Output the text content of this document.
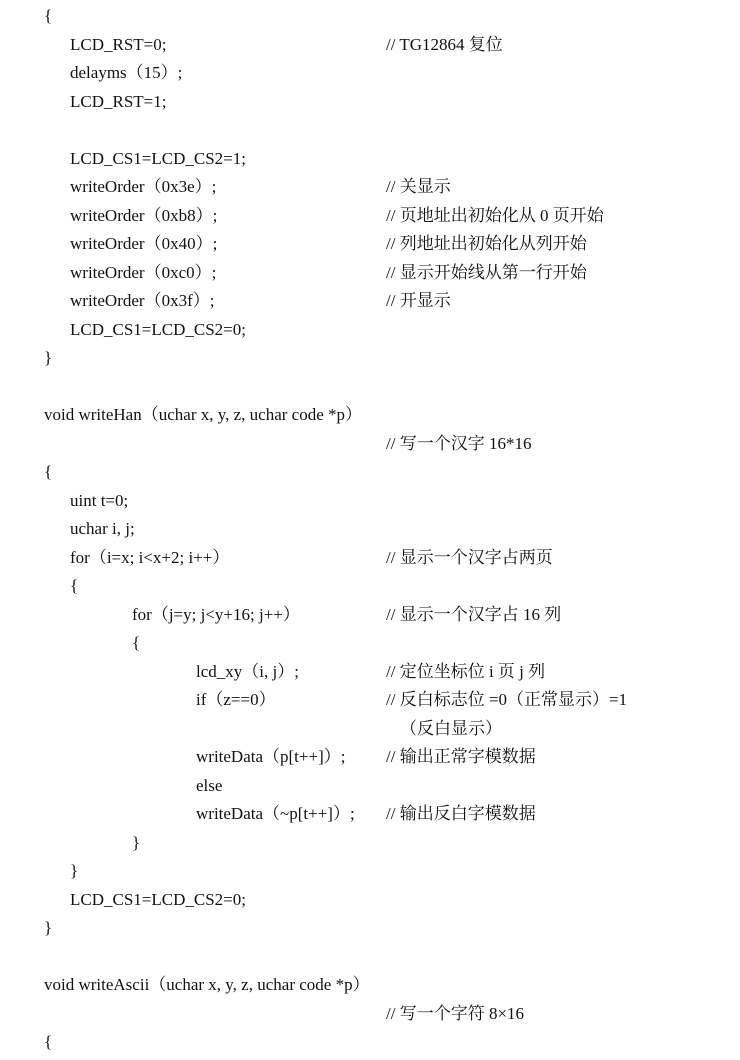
{
LCD_RST=0;	// TG12864 复位
delayms（15）;
LCD_RST=1;
LCD_CS1=LCD_CS2=1;
writeOrder（0x3e）;	// 关显示
writeOrder（0xb8）;	// 页地址出初始化从 0 页开始
writeOrder（0x40）;	// 列地址出初始化从列开始
writeOrder（0xc0）;	// 显示开始线从第一行开始
writeOrder（0x3f）;	// 开显示
LCD_CS1=LCD_CS2=0;
}
void writeHan（uchar x, y, z, uchar code *p）
// 写一个汉字 16*16
{
uint t=0;
uchar i, j;
for（i=x; i<x+2; i++）	// 显示一个汉字占两页
{
for（j=y; j<y+16; j++）	// 显示一个汉字占 16 列
{
lcd_xy（i, j）;	// 定位坐标位 i 页 j 列
if（z==0）	// 反白标志位 =0（正常显示）=1
（反白显示）
writeData（p[t++]）; // 输出正常字模数据
else
writeData（~p[t++]）; // 输出反白字模数据
}
}
LCD_CS1=LCD_CS2=0;
}
void writeAscii（uchar x, y, z, uchar code *p）
// 写一个字符 8×16
{
